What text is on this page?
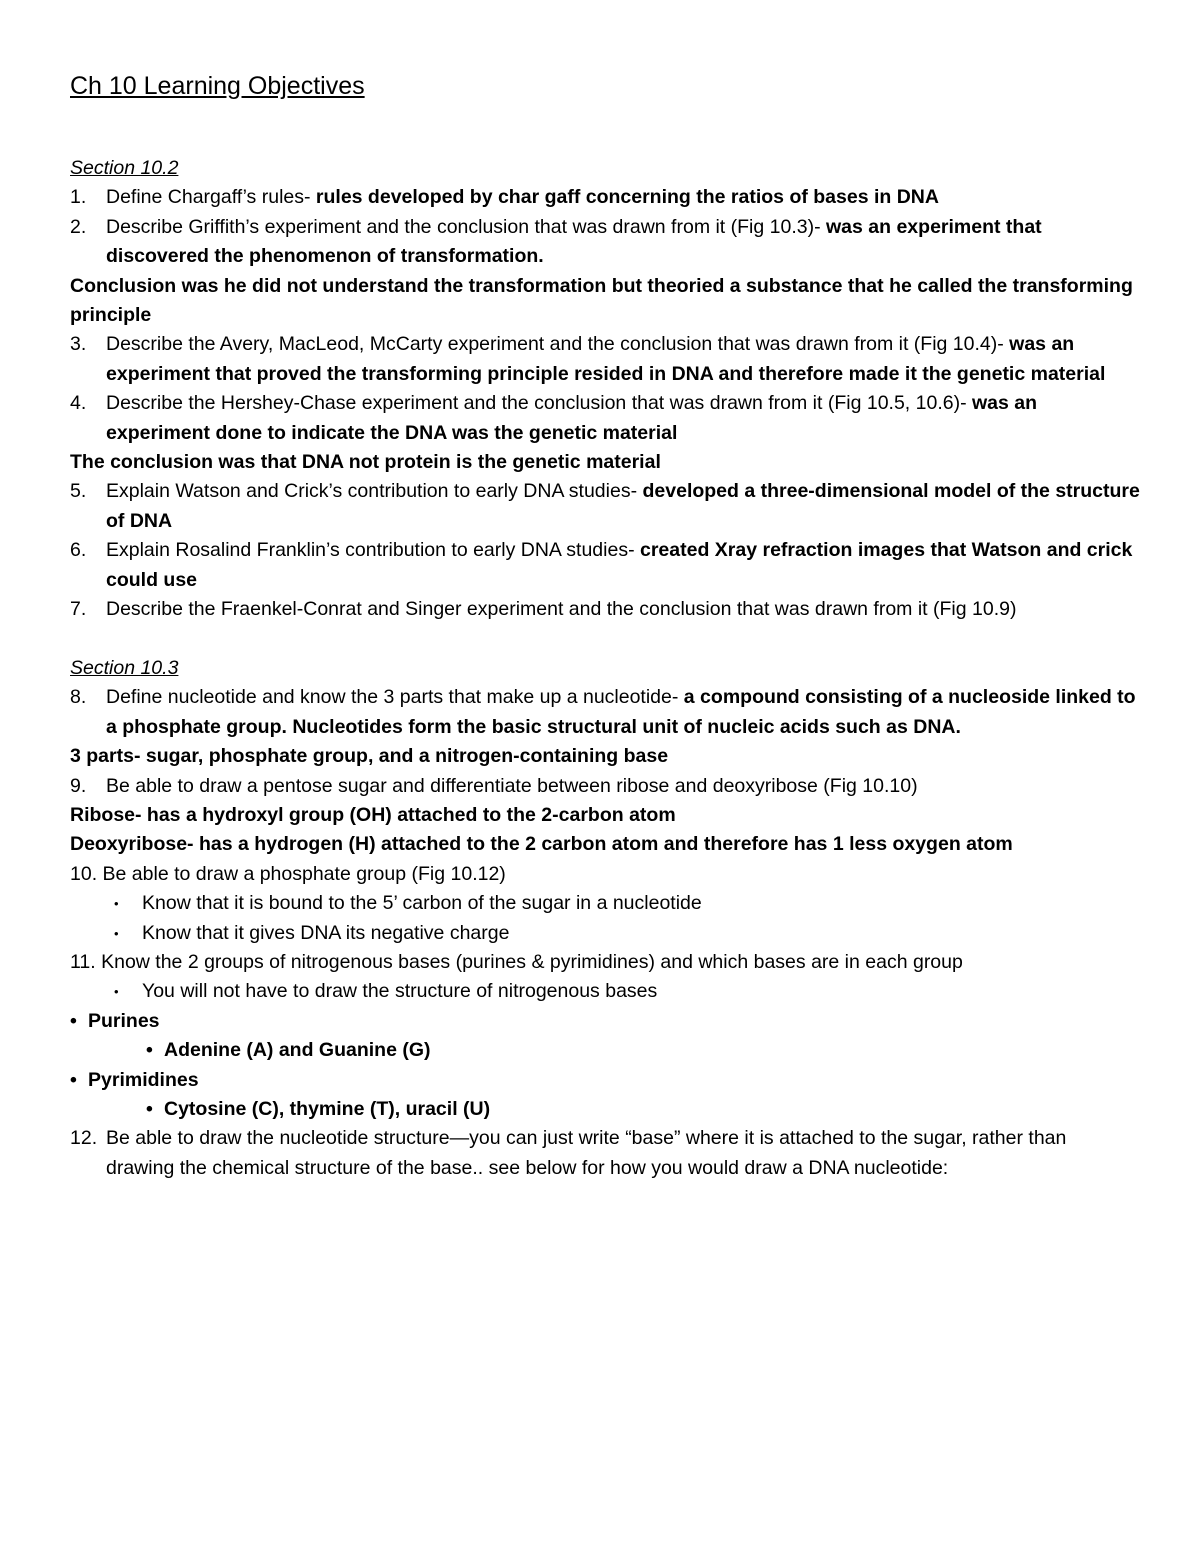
Ch 10 Learning Objectives
Section 10.2
1. Define Chargaff’s rules- rules developed by char gaff concerning the ratios of bases in DNA
2. Describe Griffith’s experiment and the conclusion that was drawn from it (Fig 10.3)- was an experiment that discovered the phenomenon of transformation.
Conclusion was he did not understand the transformation but theoried a substance that he called the transforming principle
3. Describe the Avery, MacLeod, McCarty experiment and the conclusion that was drawn from it (Fig 10.4)- was an experiment that proved the transforming principle resided in DNA and therefore made it the genetic material
4. Describe the Hershey-Chase experiment and the conclusion that was drawn from it (Fig 10.5, 10.6)- was an experiment done to indicate the DNA was the genetic material
The conclusion was that DNA not protein is the genetic material
5. Explain Watson and Crick’s contribution to early DNA studies- developed a three-dimensional model of the structure of DNA
6. Explain Rosalind Franklin’s contribution to early DNA studies- created Xray refraction images that Watson and crick could use
7. Describe the Fraenkel-Conrat and Singer experiment and the conclusion that was drawn from it (Fig 10.9)
Section 10.3
8. Define nucleotide and know the 3 parts that make up a nucleotide- a compound consisting of a nucleoside linked to a phosphate group. Nucleotides form the basic structural unit of nucleic acids such as DNA.
3 parts- sugar, phosphate group, and a nitrogen-containing base
9. Be able to draw a pentose sugar and differentiate between ribose and deoxyribose (Fig 10.10)
Ribose- has a hydroxyl group (OH) attached to the 2-carbon atom
Deoxyribose- has a hydrogen (H) attached to the 2 carbon atom and therefore has 1 less oxygen atom
10. Be able to draw a phosphate group (Fig 10.12)
• Know that it is bound to the 5’ carbon of the sugar in a nucleotide
• Know that it gives DNA its negative charge
11. Know the 2 groups of nitrogenous bases (purines & pyrimidines) and which bases are in each group
• You will not have to draw the structure of nitrogenous bases
• Purines
• Adenine (A) and Guanine (G)
• Pyrimidines
• Cytosine (C), thymine (T), uracil (U)
12. Be able to draw the nucleotide structure—you can just write “base” where it is attached to the sugar, rather than drawing the chemical structure of the base.. see below for how you would draw a DNA nucleotide:
